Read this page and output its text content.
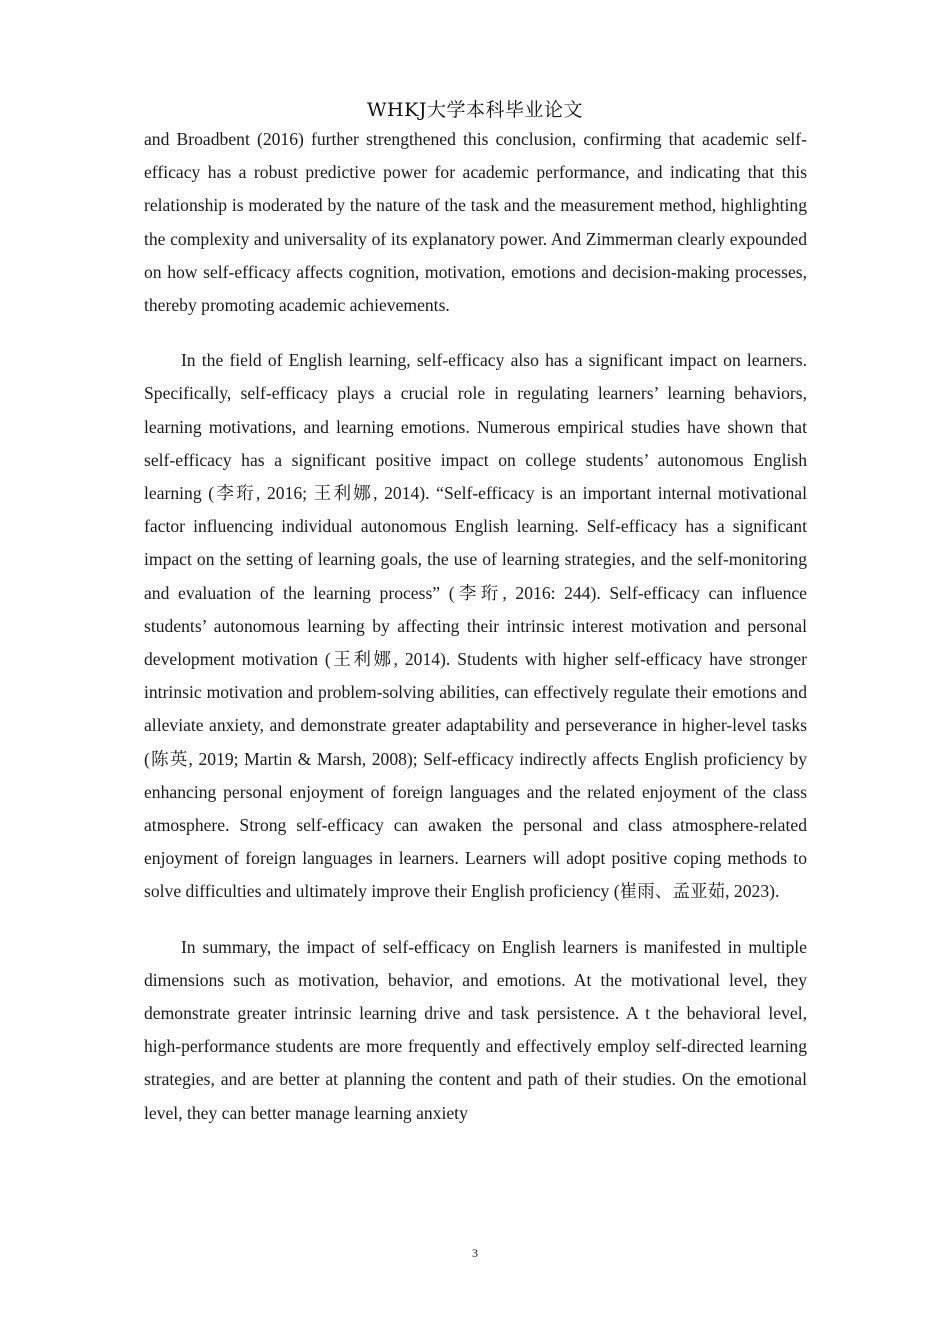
WHKJ大学本科毕业论文

and Broadbent (2016) further strengthened this conclusion, confirming that academic self-efficacy has a robust predictive power for academic performance, and indicating that this relationship is moderated by the nature of the task and the measurement method, highlighting the complexity and universality of its explanatory power. And Zimmerman clearly expounded on how self-efficacy affects cognition, motivation, emotions and decision-making processes, thereby promoting academic achievements.

In the field of English learning, self-efficacy also has a significant impact on learners. Specifically, self-efficacy plays a crucial role in regulating learners’ learning behaviors, learning motivations, and learning emotions. Numerous empirical studies have shown that self-efficacy has a significant positive impact on college students’ autonomous English learning (李珩, 2016; 王利娜, 2014). “Self-efficacy is an important internal motivational factor influencing individual autonomous English learning. Self-efficacy has a significant impact on the setting of learning goals, the use of learning strategies, and the self-monitoring and evaluation of the learning process” (李珩, 2016: 244). Self-efficacy can influence students’ autonomous learning by affecting their intrinsic interest motivation and personal development motivation (王利娜, 2014). Students with higher self-efficacy have stronger intrinsic motivation and problem-solving abilities, can effectively regulate their emotions and alleviate anxiety, and demonstrate greater adaptability and perseverance in higher-level tasks (陈英, 2019; Martin & Marsh, 2008); Self-efficacy indirectly affects English proficiency by enhancing personal enjoyment of foreign languages and the related enjoyment of the class atmosphere. Strong self-efficacy can awaken the personal and class atmosphere-related enjoyment of foreign languages in learners. Learners will adopt positive coping methods to solve difficulties and ultimately improve their English proficiency (崔雨、孟亚茹, 2023).

In summary, the impact of self-efficacy on English learners is manifested in multiple dimensions such as motivation, behavior, and emotions. At the motivational level, they demonstrate greater intrinsic learning drive and task persistence. A t the behavioral level, high-performance students are more frequently and effectively employ self-directed learning strategies, and are better at planning the content and path of their studies. On the emotional level, they can better manage learning anxiety

3
